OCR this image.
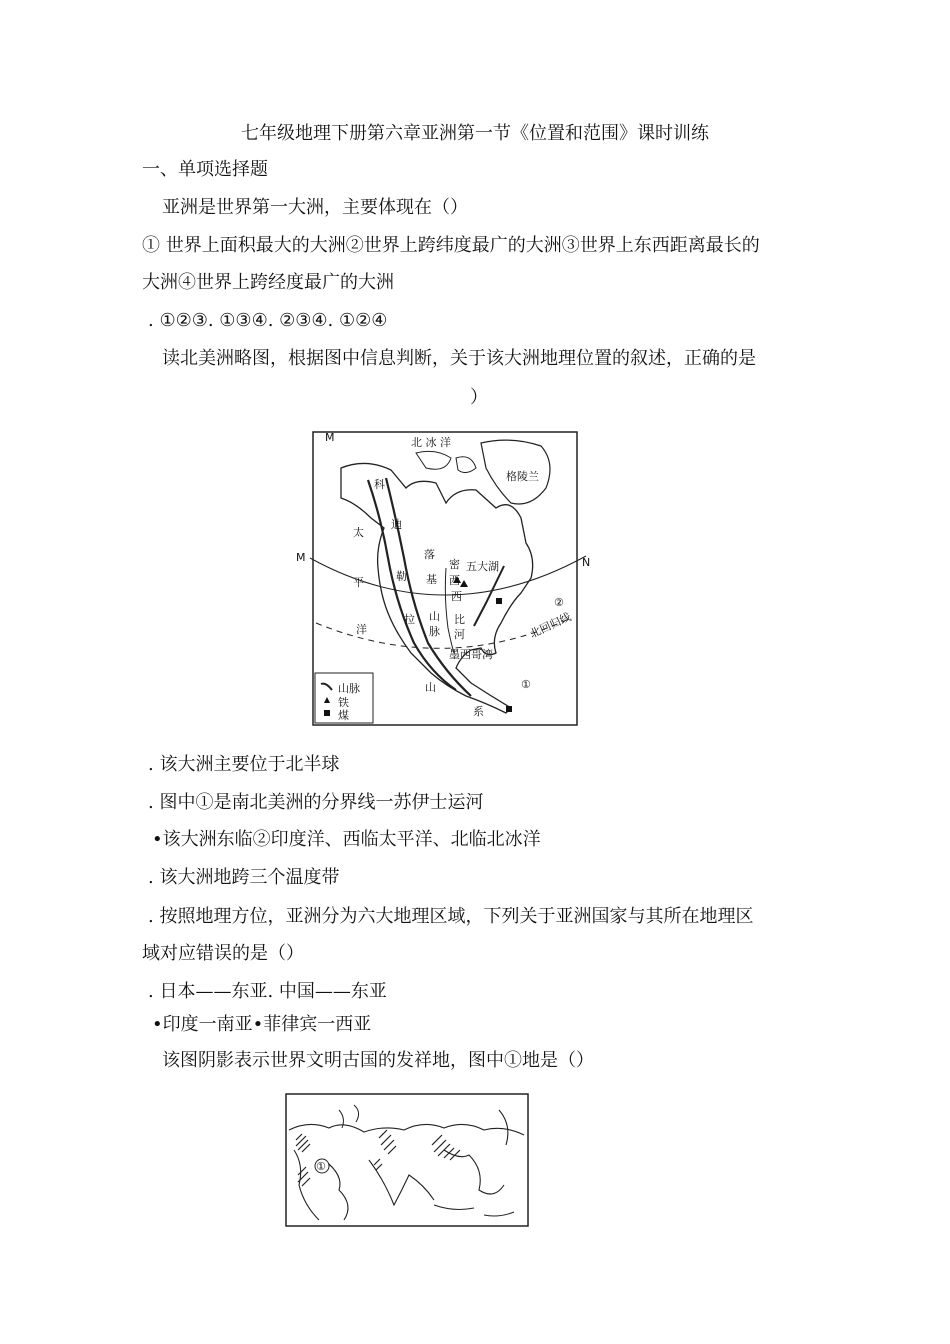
七年级地理下册第六章亚洲第一节《位置和范围》课时训练
一、单项选择题
亚洲是世界第一大洲，主要体现在（）
① 世界上面积最大的大洲②世界上跨纬度最广的大洲③世界上东西距离最长的
大洲④世界上跨经度最广的大洲
. ①②③. ①③④. ②③④. ①②④
读北美洲略图，根据图中信息判断，关于该大洲地理位置的叙述，正确的是
）
M	北 冰 洋
格陵兰
太
平
洋
科
迪
勒
拉
山
落
基
密
西
西
比
河
山
脉
五大湖
墨西哥湾
北回归线
系
M	N
①
②
山脉
铁
煤
. 该大洲主要位于北半球
. 图中①是南北美洲的分界线一苏伊士运河
•该大洲东临②印度洋、西临太平洋、北临北冰洋
. 该大洲地跨三个温度带
. 按照地理方位，亚洲分为六大地理区域，下列关于亚洲国家与其所在地理区
域对应错误的是（）
. 日本——东亚. 中国——东亚
•印度一南亚•菲律宾一西亚
该图阴影表示世界文明古国的发祥地，图中①地是（）
①
